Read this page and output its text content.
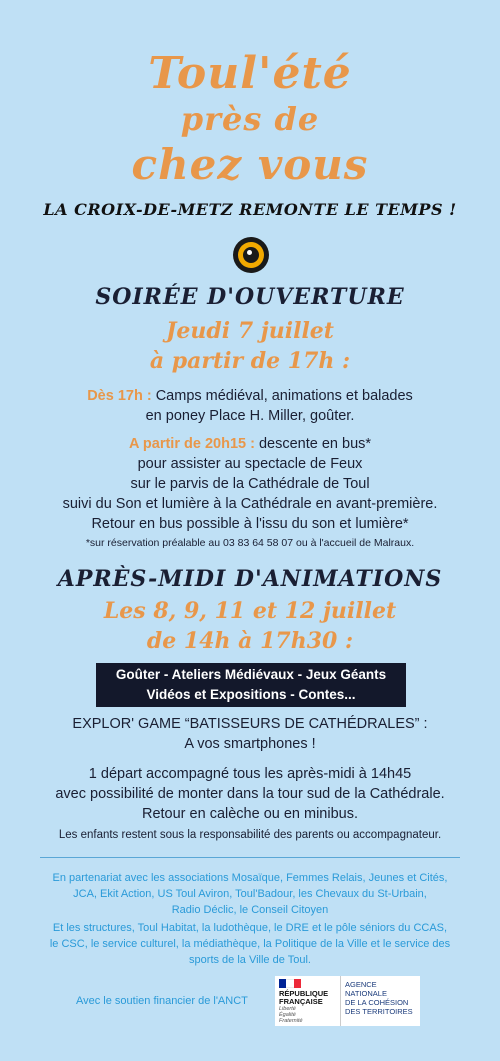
Toul'été
près de
chez vous
LA CROIX-DE-METZ REMONTE LE TEMPS !
SOIRÉE D'OUVERTURE
Jeudi 7 juillet
à partir de 17h :
Dès 17h : Camps médiéval, animations et balades
en poney Place H. Miller, goûter.
A partir de 20h15 : descente en bus*
pour assister au spectacle de Feux
sur le parvis de la Cathédrale de Toul
suivi du Son et lumière à la Cathédrale en avant-première.
Retour en bus possible à l'issu du son et lumière*
*sur réservation préalable au 03 83 64 58 07 ou à l'accueil de Malraux.
APRÈS-MIDI D'ANIMATIONS
Les 8, 9, 11 et 12 juillet
de 14h à 17h30 :
Goûter - Ateliers Médiévaux - Jeux Géants
Vidéos et Expositions - Contes...
EXPLOR' GAME “BATISSEURS DE CATHÉDRALES” :
A vos smartphones !
1 départ accompagné tous les après-midi à 14h45
avec possibilité de monter dans la tour sud de la Cathédrale.
Retour en calèche ou en minibus.
Les enfants restent sous la responsabilité des parents ou accompagnateur.
En partenariat avec les associations Mosaïque, Femmes Relais, Jeunes et Cités,
JCA, Ekit Action, US Toul Aviron, Toul'Badour, les Chevaux du St-Urbain,
Radio Déclic, le Conseil Citoyen
Et les structures, Toul Habitat, la ludothèque, le DRE et le pôle séniors du CCAS,
le CSC, le service culturel, la médiathèque, la Politique de la Ville et le service des
sports de la Ville de Toul.
Avec le soutien financier de l'ANCT
RÉPUBLIQUE
FRANÇAISE
Liberté
Égalité
Fraternité
AGENCE
NATIONALE
DE LA COHÉSION
DES TERRITOIRES
